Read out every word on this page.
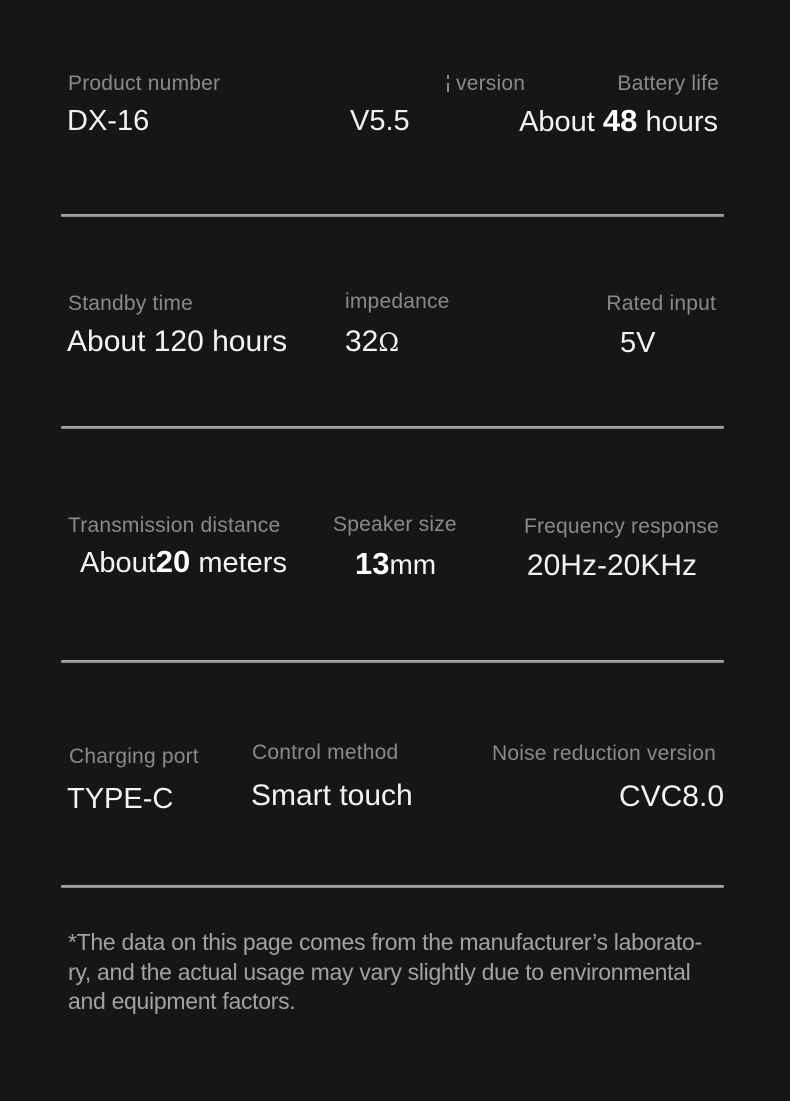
Product number
DX-16
version
V5.5
Battery life
About 48 hours
Standby time
About 120 hours
impedance
32Ω
Rated input
5V
Transmission distance
About20 meters
Speaker size
13mm
Frequency response
20Hz-20KHz
Charging port
TYPE-C
Control method
Smart touch
Noise reduction version
CVC8.0
*The data on this page comes from the manufacturer’s laborato-
ry, and the actual usage may vary slightly due to environmental
and equipment factors.
